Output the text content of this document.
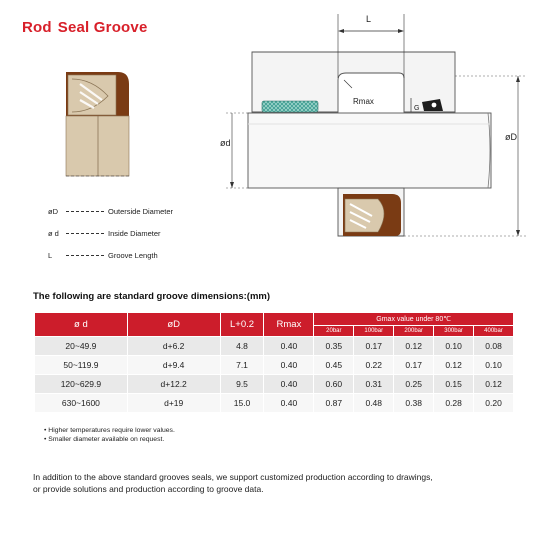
Rod Seal Groove	L
Rmax
G
ød
øD
øD	Outerside Diameter
ø d	Inside Diameter
L	Groove Length
The following are standard groove dimensions:(mm)
ø d	øD	L+0.2	Rmax	Gmax value under 80℃				
				20bar	100bar	200bar	300bar	400bar
20~49.9	d+6.2	4.8	0.40	0.35	0.17	0.12	0.10	0.08
50~119.9	d+9.4	7.1	0.40	0.45	0.22	0.17	0.12	0.10
120~629.9	d+12.2	9.5	0.40	0.60	0.31	0.25	0.15	0.12
630~1600	d+19	15.0	0.40	0.87	0.48	0.38	0.28	0.20
• Higher temperatures require lower values.
• Smaller diameter available on request.
In addition to the above standard grooves seals, we support customized production according to drawings,
or provide solutions and production according to groove data.
